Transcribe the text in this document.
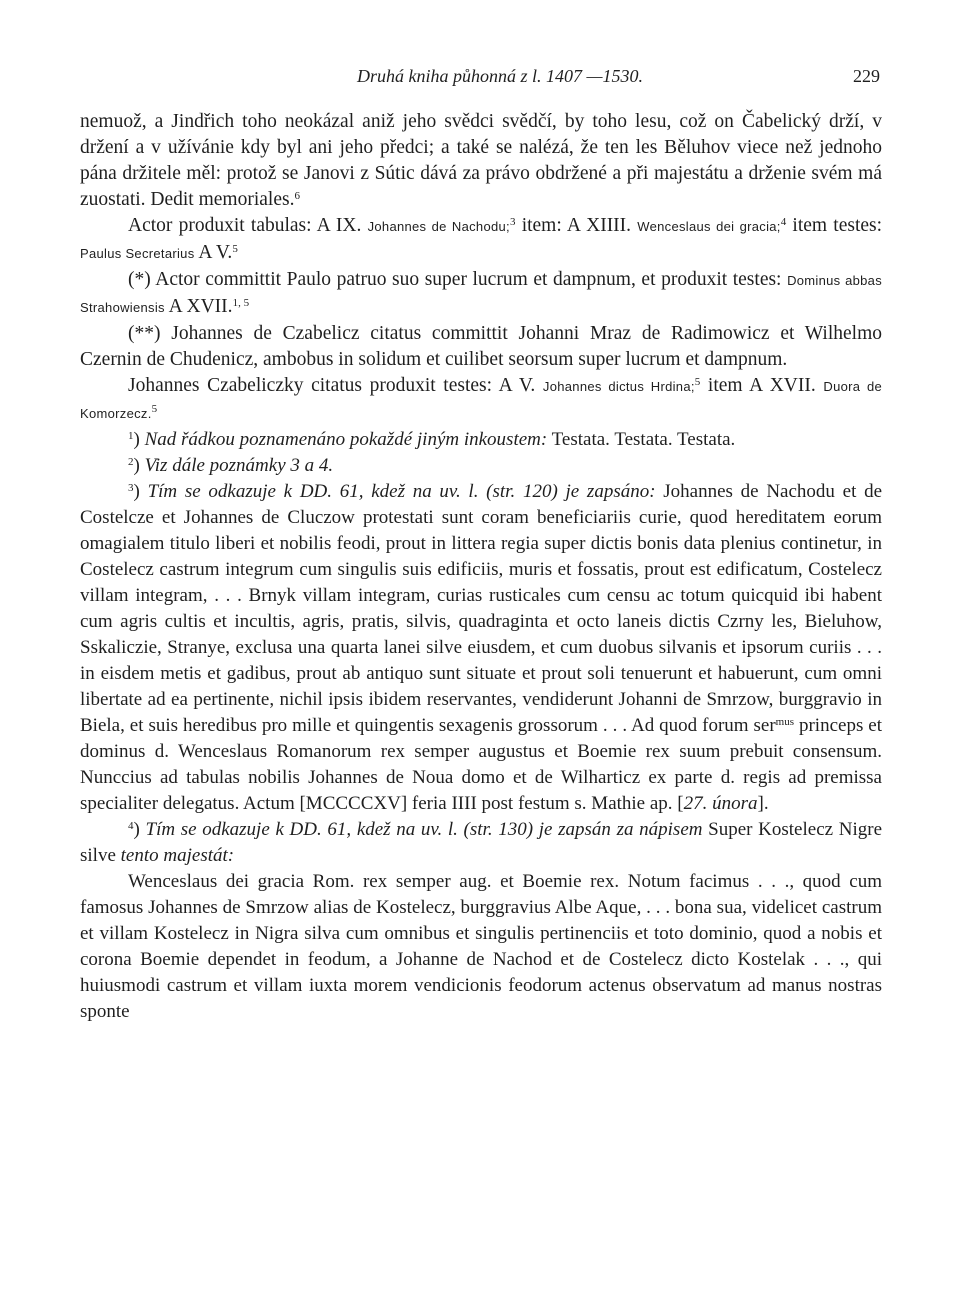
Druhá kniha půhonná z l. 1407 —1530.	229

nemuož, a Jindřich toho neokázal aniž jeho svědci svědčí, by toho lesu, což on Čabelický drží, v držení a v užívánie kdy byl ani jeho předci; a také se nalézá, že ten les Běluhov viece než jednoho pána držitele měl: protož se Janovi z Sútic dává za právo obdržené a při majestátu a drženie svém má zuostati. Dedit memoriales.$^6$

Actor produxit tabulas: A IX. Johannes de Nachodu;$^3$ item: A XIIII. Wenceslaus dei gracia;$^4$ item testes: Paulus Secretarius A V.$^5$

(*) Actor committit Paulo patruo suo super lucrum et dampnum, et produxit testes: Dominus abbas Strahowiensis A XVII.$^{1, 5}$

(**) Johannes de Czabelicz citatus committit Johanni Mraz de Radimowicz et Wilhelmo Czernin de Chudenicz, ambobus in solidum et cuilibet seorsum super lucrum et dampnum.

Johannes Czabeliczky citatus produxit testes: A V. Johannes dictus Hrdina;$^5$ item A XVII. Duora de Komorzecz.$^5$

$^1$) Nad řádkou poznamenáno pokaždé jiným inkoustem: Testata. Testata. Testata.

$^2$) Viz dále poznámky 3 a 4.

$^3$) Tím se odkazuje k DD. 61, kdež na uv. l. (str. 120) je zapsáno: Johannes de Nachodu et de Costelcze et Johannes de Cluczow protestati sunt coram beneficiariis curie, quod hereditatem eorum omagialem titulo liberi et nobilis feodi, prout in littera regia super dictis bonis data plenius continetur, in Costelecz castrum integrum cum singulis suis edificiis, muris et fossatis, prout est edificatum, Costelecz villam integram, . . . Brnyk villam integram, curias rusticales cum censu ac totum quicquid ibi habent cum agris cultis et incultis, agris, pratis, silvis, quadraginta et octo laneis dictis Czrny les, Bieluhow, Sskaliczie, Stranye, exclusa una quarta lanei silve eiusdem, et cum duobus silvanis et ipsorum curiis . . . in eisdem metis et gadibus, prout ab antiquo sunt situate et prout soli tenuerunt et habuerunt, cum omni libertate ad ea pertinente, nichil ipsis ibidem reservantes, vendiderunt Johanni de Smrzow, burggravio in Biela, et suis heredibus pro mille et quingentis sexagenis grossorum . . . Ad quod forum ser$^{mus}$ princeps et dominus d. Wenceslaus Romanorum rex semper augustus et Boemie rex suum prebuit consensum. Nunccius ad tabulas nobilis Johannes de Noua domo et de Wilharticz ex parte d. regis ad premissa specialiter delegatus. Actum [MCCCCXV] feria IIII post festum s. Mathie ap. [27. února].

$^4$) Tím se odkazuje k DD. 61, kdež na uv. l. (str. 130) je zapsán za nápisem Super Kostelecz Nigre silve tento majestát:

Wenceslaus dei gracia Rom. rex semper aug. et Boemie rex. Notum facimus . . ., quod cum famosus Johannes de Smrzow alias de Kostelecz, burggravius Albe Aque, . . . bona sua, videlicet castrum et villam Kostelecz in Nigra silva cum omnibus et singulis pertinenciis et toto dominio, quod a nobis et corona Boemie dependet in feodum, a Johanne de Nachod et de Costelecz dicto Kostelak . . ., qui huiusmodi castrum et villam iuxta morem vendicionis feodorum actenus observatum ad manus nostras sponte
